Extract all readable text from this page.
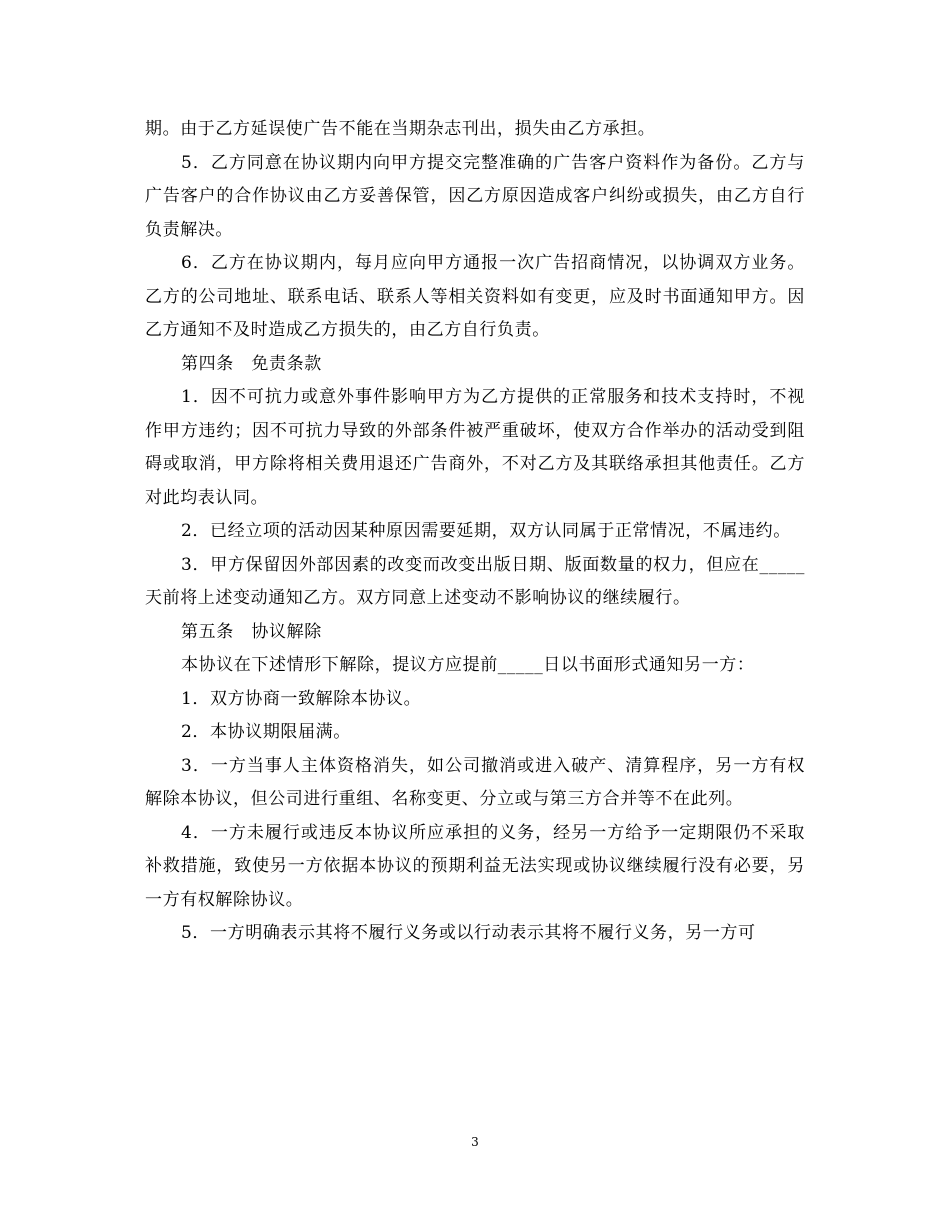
期。由于乙方延误使广告不能在当期杂志刊出，损失由乙方承担。

5．乙方同意在协议期内向甲方提交完整准确的广告客户资料作为备份。乙方与广告客户的合作协议由乙方妥善保管，因乙方原因造成客户纠纷或损失，由乙方自行负责解决。

6．乙方在协议期内，每月应向甲方通报一次广告招商情况，以协调双方业务。乙方的公司地址、联系电话、联系人等相关资料如有变更，应及时书面通知甲方。因乙方通知不及时造成乙方损失的，由乙方自行负责。

第四条　免责条款

1．因不可抗力或意外事件影响甲方为乙方提供的正常服务和技术支持时，不视作甲方违约；因不可抗力导致的外部条件被严重破坏，使双方合作举办的活动受到阻碍或取消，甲方除将相关费用退还广告商外，不对乙方及其联络承担其他责任。乙方对此均表认同。

2．已经立项的活动因某种原因需要延期，双方认同属于正常情况，不属违约。

3．甲方保留因外部因素的改变而改变出版日期、版面数量的权力，但应在_____天前将上述变动通知乙方。双方同意上述变动不影响协议的继续履行。

第五条　协议解除

本协议在下述情形下解除，提议方应提前_____日以书面形式通知另一方：

1．双方协商一致解除本协议。

2．本协议期限届满。

3．一方当事人主体资格消失，如公司撤消或进入破产、清算程序，另一方有权解除本协议，但公司进行重组、名称变更、分立或与第三方合并等不在此列。

4．一方未履行或违反本协议所应承担的义务，经另一方给予一定期限仍不采取补救措施，致使另一方依据本协议的预期利益无法实现或协议继续履行没有必要，另一方有权解除协议。

5．一方明确表示其将不履行义务或以行动表示其将不履行义务，另一方可

3
